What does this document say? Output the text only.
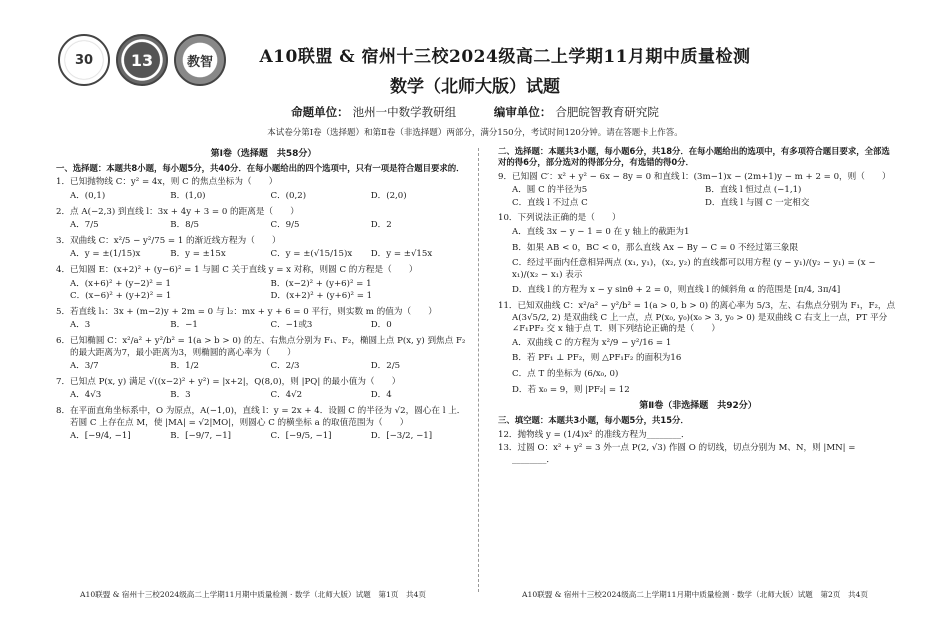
30 13	教智	A10联盟 & 宿州十三校2024级高二上学期11月期中质量检测
数学（北师大版）试题
命题单位： 池州一中数学教研组	编审单位： 合肥皖智教育研究院
本试卷分第Ⅰ卷（选择题）和第Ⅱ卷（非选择题）两部分，满分150分，考试时间120分钟。请在答题卡上作答。
第Ⅰ卷（选择题　共58分）
一、选择题：本题共8小题，每小题5分，共40分．在每小题给出的四个选项中，只有一项是符合题目要求的．
1．已知抛物线 C：y² = 4x，则 C 的焦点坐标为（　　）
A．(0,1)	B．(1,0)	C．(0,2)	D．(2,0)
2．点 A(−2,3) 到直线 l：3x + 4y + 3 = 0 的距离是（　　）
A．7/5	B．8/5	C．9/5	D．2
3．双曲线 C：x²/5 − y²/75 = 1 的渐近线方程为（　　）
A．y = ±(1/15)x	B．y = ±15x	C．y = ±(√15/15)x	D．y = ±√15x
4．已知圆 E：(x+2)² + (y−6)² = 1 与圆 C 关于直线 y = x 对称，则圆 C 的方程是（　　）
A．(x+6)² + (y−2)² = 1	B．(x−2)² + (y+6)² = 1
C．(x−6)² + (y+2)² = 1	D．(x+2)² + (y+6)² = 1
5．若直线 l₁：3x + (m−2)y + 2m = 0 与 l₂：mx + y + 6 = 0 平行，则实数 m 的值为（　　）
A．3	B．−1	C．−1或3	D．0
6．已知椭圆 C：x²/a² + y²/b² = 1(a > b > 0) 的左、右焦点分别为 F₁、F₂，椭圆上点 P(x, y) 到焦点 F₂ 的最大距离为7，最小距离为3，则椭圆的离心率为（　　）
A．3/7	B．1/2	C．2/3	D．2/5
7．已知点 P(x, y) 满足 √((x−2)² + y²) = |x+2|，Q(8,0)，则 |PQ| 的最小值为（　　）
A．4√3	B．3	C．4√2	D．4
8．在平面直角坐标系中，O 为原点，A(−1,0)，直线 l：y = 2x + 4．设圆 C 的半径为 √2，圆心在 l 上．若圆 C 上存在点 M，使 |MA| = √2|MO|，则圆心 C 的横坐标 a 的取值范围为（　　）
A．[−9/4, −1]	B．[−9/7, −1]	C．[−9/5, −1]	D．[−3/2, −1]
二、选择题：本题共3小题，每小题6分，共18分．在每小题给出的选项中，有多项符合题目要求，全部选对的得6分，部分选对的得部分分，有选错的得0分．
9．已知圆 C′：x² + y² − 6x − 8y = 0 和直线 l：(3m−1)x − (2m+1)y − m + 2 = 0，则（　　）
A．圆 C 的半径为5	B．直线 l 恒过点 (−1,1)
C．直线 l 不过点 C	D．直线 l 与圆 C 一定相交
10．下列说法正确的是（　　）
A．直线 3x − y − 1 = 0 在 y 轴上的截距为1
B．如果 AB < 0，BC < 0，那么直线 Ax − By − C = 0 不经过第三象限
C．经过平面内任意相异两点 (x₁, y₁)，(x₂, y₂) 的直线都可以用方程 (y − y₁)/(y₂ − y₁) = (x − x₁)/(x₂ − x₁) 表示
D．直线 l 的方程为 x − y sinθ + 2 = 0，则直线 l 的倾斜角 α 的范围是 [π/4, 3π/4]
11．已知双曲线 C：x²/a² − y²/b² = 1(a > 0, b > 0) 的离心率为 5/3，左、右焦点分别为 F₁，F₂，点 A(3√5/2, 2) 是双曲线 C 上一点，点 P(x₀, y₀)(x₀ > 3, y₀ > 0) 是双曲线 C 右支上一点，PT 平分 ∠F₁PF₂ 交 x 轴于点 T．则下列结论正确的是（　　）
A．双曲线 C 的方程为 x²/9 − y²/16 = 1
B．若 PF₁ ⊥ PF₂，则 △PF₁F₂ 的面积为16
C．点 T 的坐标为 (6/x₀, 0)
D．若 x₀ = 9，则 |PF₂| = 12
第Ⅱ卷（非选择题　共92分）
三、填空题：本题共3小题，每小题5分，共15分．
12．抛物线 y = (1/4)x² 的准线方程为________．
13．过圆 O：x² + y² = 3 外一点 P(2, √3) 作圆 O 的切线，切点分别为 M、N，则 |MN| = ________．
A10联盟 & 宿州十三校2024级高二上学期11月期中质量检测 · 数学（北师大版）试题　第1页　共4页	A10联盟 & 宿州十三校2024级高二上学期11月期中质量检测 · 数学（北师大版）试题　第2页　共4页
